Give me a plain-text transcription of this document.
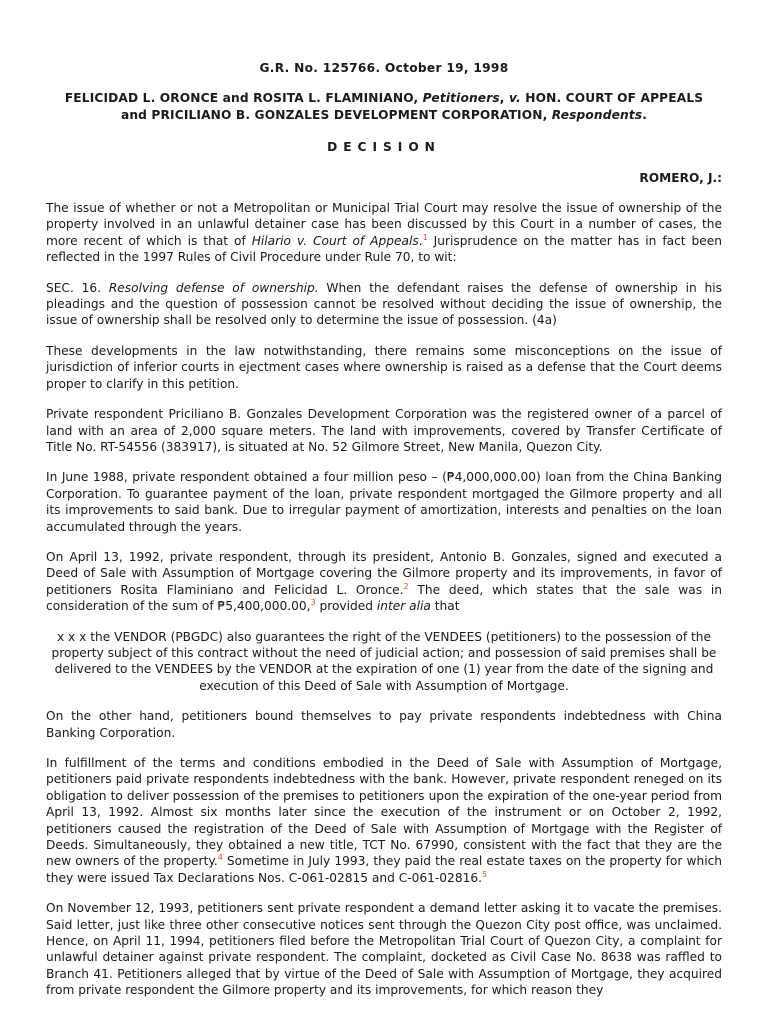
G.R. No. 125766. October 19, 1998
FELICIDAD L. ORONCE and ROSITA L. FLAMINIANO, Petitioners, v. HON. COURT OF APPEALS
and PRICILIANO B. GONZALES DEVELOPMENT CORPORATION, Respondents.
DECISION
ROMERO, J.:

The issue of whether or not a Metropolitan or Municipal Trial Court may resolve the issue of ownership of the property involved in an unlawful detainer case has been discussed by this Court in a number of cases, the more recent of which is that of Hilario v. Court of Appeals.$^1$ Jurisprudence on the matter has in fact been reflected in the 1997 Rules of Civil Procedure under Rule 70, to wit:

SEC. 16. Resolving defense of ownership. When the defendant raises the defense of ownership in his pleadings and the question of possession cannot be resolved without deciding the issue of ownership, the issue of ownership shall be resolved only to determine the issue of possession. (4a)

These developments in the law notwithstanding, there remains some misconceptions on the issue of jurisdiction of inferior courts in ejectment cases where ownership is raised as a defense that the Court deems proper to clarify in this petition.

Private respondent Priciliano B. Gonzales Development Corporation was the registered owner of a parcel of land with an area of 2,000 square meters. The land with improvements, covered by Transfer Certificate of Title No. RT-54556 (383917), is situated at No. 52 Gilmore Street, New Manila, Quezon City.

In June 1988, private respondent obtained a four million peso – (₱4,000,000.00) loan from the China Banking Corporation. To guarantee payment of the loan, private respondent mortgaged the Gilmore property and all its improvements to said bank. Due to irregular payment of amortization, interests and penalties on the loan accumulated through the years.

On April 13, 1992, private respondent, through its president, Antonio B. Gonzales, signed and executed a Deed of Sale with Assumption of Mortgage covering the Gilmore property and its improvements, in favor of petitioners Rosita Flaminiano and Felicidad L. Oronce.$^2$ The deed, which states that the sale was in consideration of the sum of ₱5,400,000.00,$^3$ provided inter alia that

x x x the VENDOR (PBGDC) also guarantees the right of the VENDEES (petitioners) to the possession of the property subject of this contract without the need of judicial action; and possession of said premises shall be delivered to the VENDEES by the VENDOR at the expiration of one (1) year from the date of the signing and execution of this Deed of Sale with Assumption of Mortgage.

On the other hand, petitioners bound themselves to pay private respondents indebtedness with China Banking Corporation.

In fulfillment of the terms and conditions embodied in the Deed of Sale with Assumption of Mortgage, petitioners paid private respondents indebtedness with the bank. However, private respondent reneged on its obligation to deliver possession of the premises to petitioners upon the expiration of the one-year period from April 13, 1992. Almost six months later since the execution of the instrument or on October 2, 1992, petitioners caused the registration of the Deed of Sale with Assumption of Mortgage with the Register of Deeds. Simultaneously, they obtained a new title, TCT No. 67990, consistent with the fact that they are the new owners of the property.$^4$ Sometime in July 1993, they paid the real estate taxes on the property for which they were issued Tax Declarations Nos. C-061-02815 and C-061-02816.$^5$

On November 12, 1993, petitioners sent private respondent a demand letter asking it to vacate the premises. Said letter, just like three other consecutive notices sent through the Quezon City post office, was unclaimed. Hence, on April 11, 1994, petitioners filed before the Metropolitan Trial Court of Quezon City, a complaint for unlawful detainer against private respondent. The complaint, docketed as Civil Case No. 8638 was raffled to Branch 41. Petitioners alleged that by virtue of the Deed of Sale with Assumption of Mortgage, they acquired from private respondent the Gilmore property and its improvements, for which reason they
